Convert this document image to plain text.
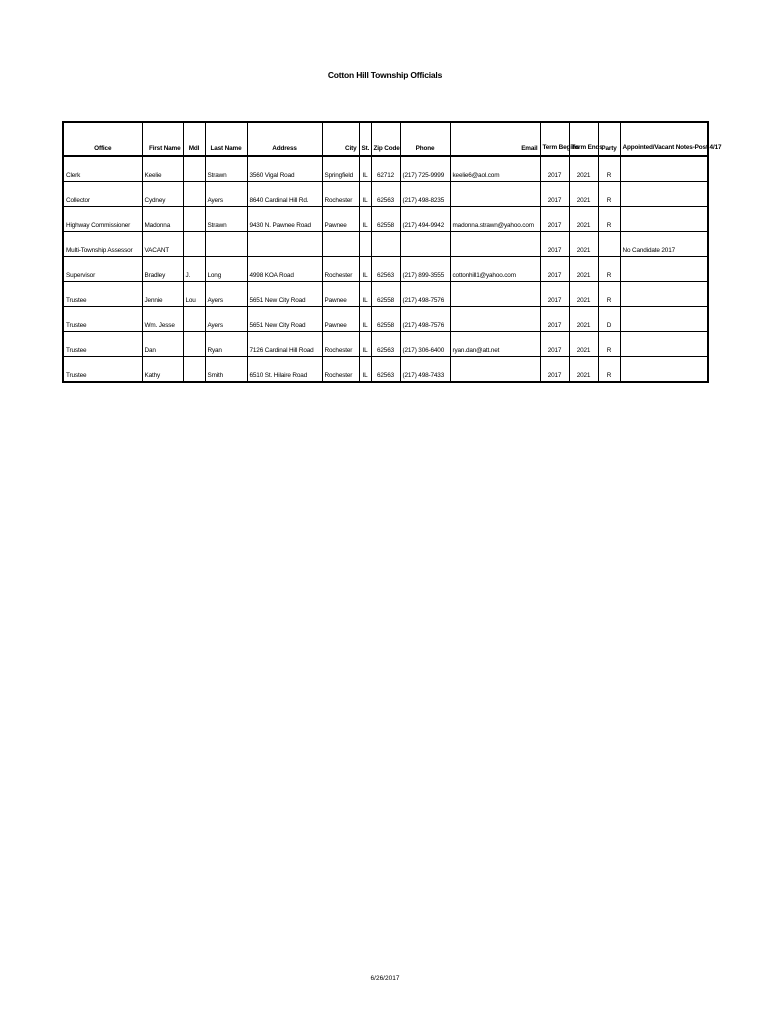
Cotton Hill Township Officials
Office	First Name	Mdl	Last Name	Address	City	St.	Zip Code	Phone	Email	Term Begins	Term Ends	Party	Appointed/Vacant Notes-Post 4/17
Clerk	Keelie		Strawn	3560 Vigal Road	Springfield	IL	62712	(217) 725-9999	keelie6@aol.com	2017	2021	R	
Collector	Cydney		Ayers	8640 Cardinal Hill Rd.	Rochester	IL	62563	(217) 498-8235		2017	2021	R	
Highway Commissioner	Madonna		Strawn	9430 N. Pawnee Road	Pawnee	IL	62558	(217) 494-9942	madonna.strawn@yahoo.com	2017	2021	R	
Multi-Township Assessor	VACANT									2017	2021		No Candidate 2017
Supervisor	Bradley	J.	Long	4998 KOA Road	Rochester	IL	62563	(217) 899-3555	cottonhill1@yahoo.com	2017	2021	R	
Trustee	Jennie	Lou	Ayers	5651 New City Road	Pawnee	IL	62558	(217) 498-7576		2017	2021	R	
Trustee	Wm. Jesse		Ayers	5651 New City Road	Pawnee	IL	62558	(217) 498-7576		2017	2021	D	
Trustee	Dan		Ryan	7126 Cardinal Hill Road	Rochester	IL	62563	(217) 306-6400	ryan.dan@att.net	2017	2021	R	
Trustee	Kathy		Smith	6510 St. Hilaire Road	Rochester	IL	62563	(217) 498-7433		2017	2021	R	
6/26/2017
